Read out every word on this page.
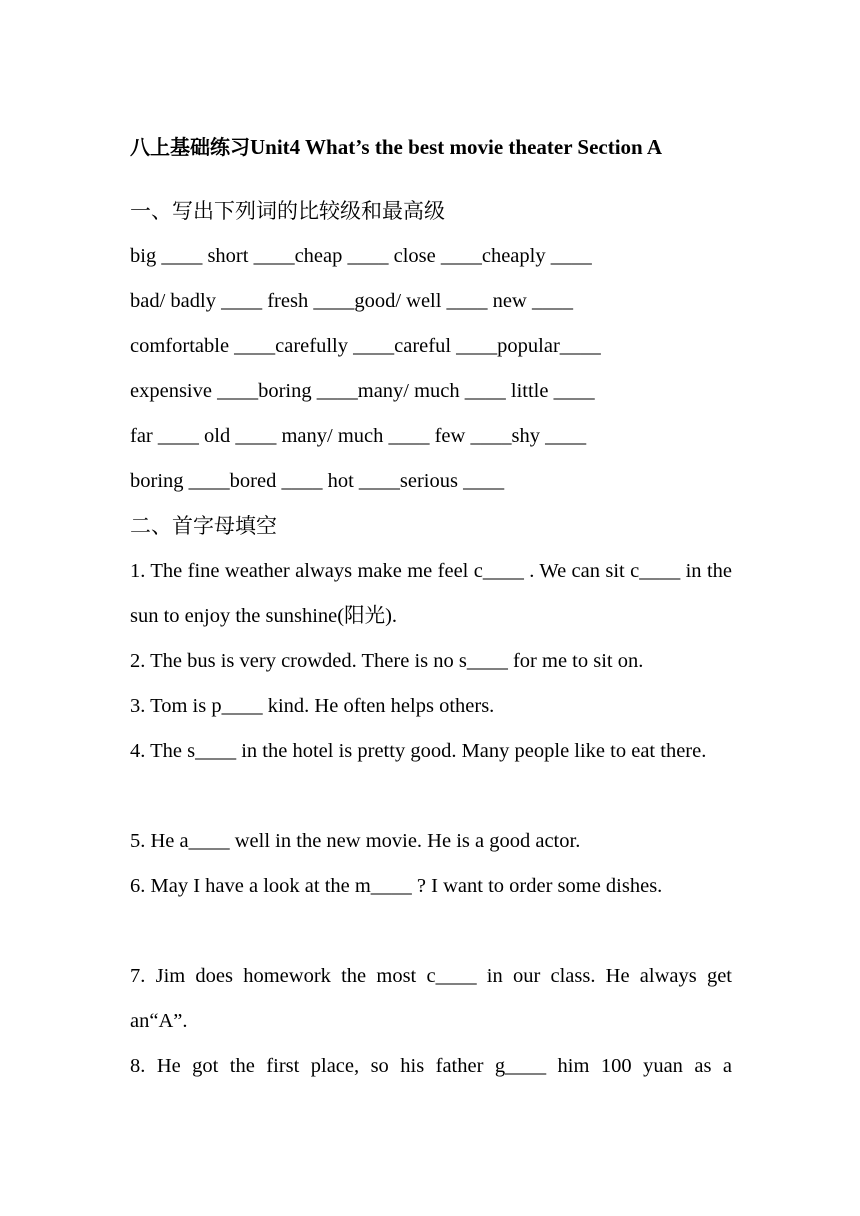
八上基础练习Unit4 What’s the best movie theater Section A
一、写出下列词的比较级和最高级
big ____ short ____cheap ____ close ____cheaply ____
bad/ badly ____ fresh ____good/ well ____ new ____
comfortable ____carefully ____careful ____popular____
expensive ____boring ____many/ much ____ little ____
far ____ old ____ many/ much ____ few ____shy ____
boring ____bored ____ hot ____serious ____
二、首字母填空
1. The fine weather always make me feel c____ . We can sit c____ in the sun to enjoy the sunshine(阳光).
2. The bus is very crowded. There is no s____ for me to sit on.
3. Tom is p____ kind. He often helps others.
4. The s____ in the hotel is pretty good. Many people like to eat there.
5. He a____ well in the new movie. He is a good actor.
6. May I have a look at the m____ ? I want to order some dishes.
7. Jim does homework the most c____ in our class. He always get an“A”.
8. He got the first place, so his father g____ him 100 yuan as a
